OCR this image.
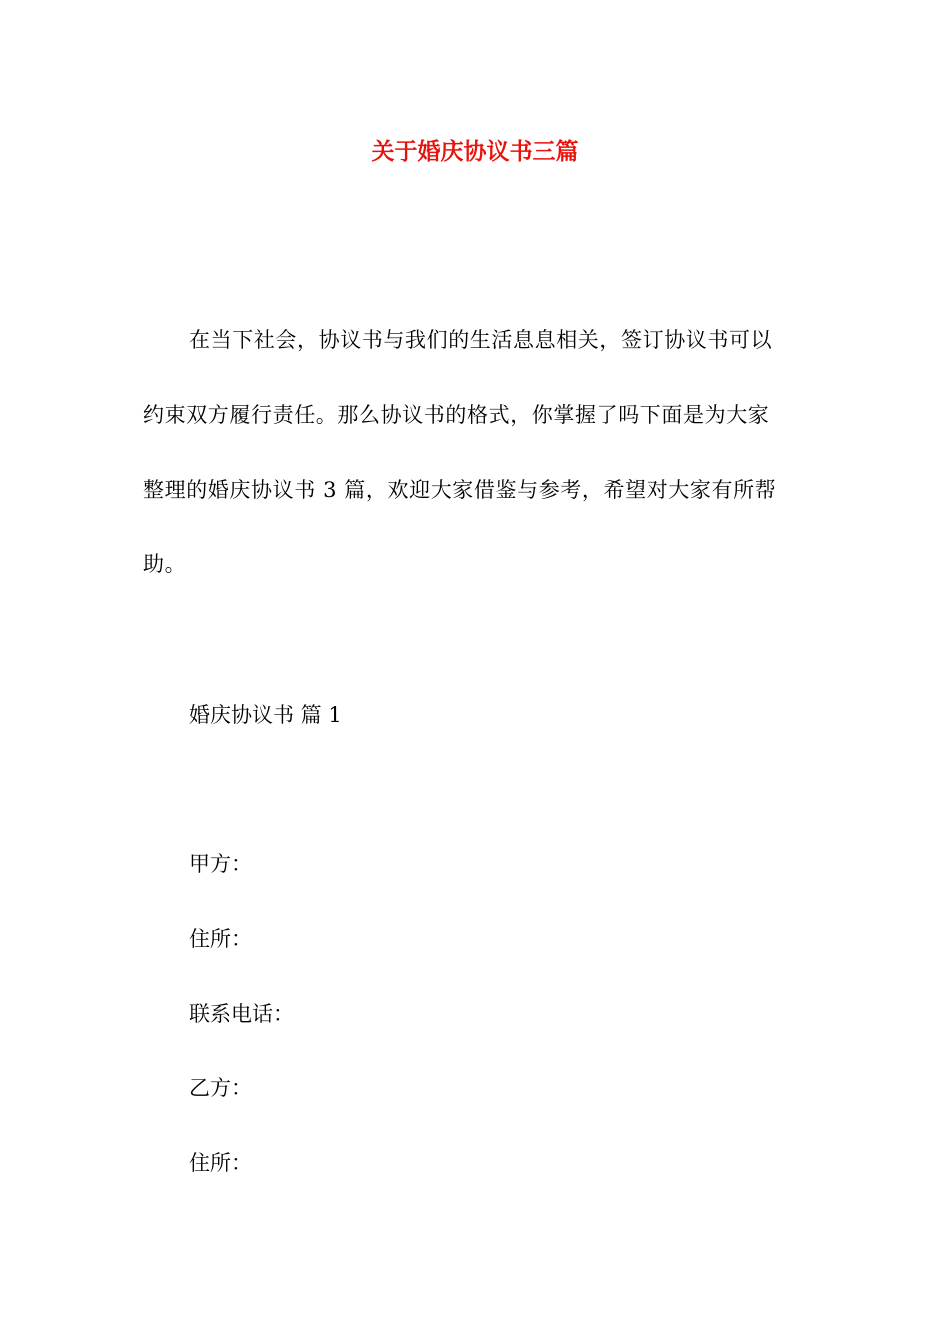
关于婚庆协议书三篇

在当下社会，协议书与我们的生活息息相关，签订协议书可以

约束双方履行责任。那么协议书的格式，你掌握了吗下面是为大家

整理的婚庆协议书 3 篇，欢迎大家借鉴与参考，希望对大家有所帮

助。

婚庆协议书 篇 1

甲方：

住所：

联系电话：

乙方：

住所：
